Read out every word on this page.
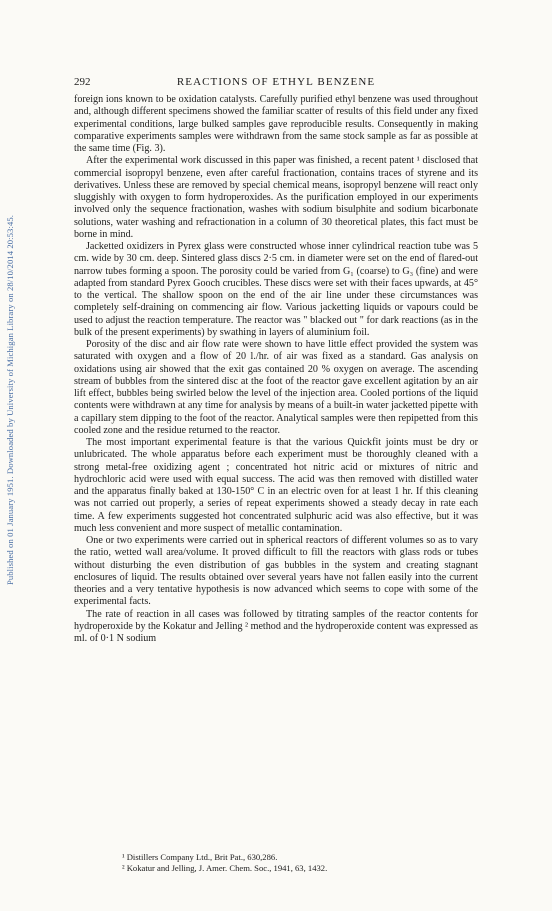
Published on 01 January 1951. Downloaded by University of Michigan Library on 28/10/2014 20:53:45.
292	REACTIONS OF ETHYL BENZENE

foreign ions known to be oxidation catalysts. Carefully purified ethyl benzene was used throughout and, although different specimens showed the familiar scatter of results of this field under any fixed experimental conditions, large bulked samples gave reproducible results. Consequently in making comparative experiments samples were withdrawn from the same stock sample as far as possible at the same time (Fig. 3).

After the experimental work discussed in this paper was finished, a recent patent ¹ disclosed that commercial isopropyl benzene, even after careful fractionation, contains traces of styrene and its derivatives. Unless these are removed by special chemical means, isopropyl benzene will react only sluggishly with oxygen to form hydroperoxides. As the purification employed in our experiments involved only the sequence fractionation, washes with sodium bisulphite and sodium bicarbonate solutions, water washing and refractionation in a column of 30 theoretical plates, this fact must be borne in mind.

Jacketted oxidizers in Pyrex glass were constructed whose inner cylindrical reaction tube was 5 cm. wide by 30 cm. deep. Sintered glass discs 2·5 cm. in diameter were set on the end of flared-out narrow tubes forming a spoon. The porosity could be varied from G₁ (coarse) to G₃ (fine) and were adapted from standard Pyrex Gooch crucibles. These discs were set with their faces upwards, at 45° to the vertical. The shallow spoon on the end of the air line under these circumstances was completely self-draining on commencing air flow. Various jacketting liquids or vapours could be used to adjust the reaction temperature. The reactor was " blacked out " for dark reactions (as in the bulk of the present experiments) by swathing in layers of aluminium foil.

Porosity of the disc and air flow rate were shown to have little effect provided the system was saturated with oxygen and a flow of 20 l./hr. of air was fixed as a standard. Gas analysis on oxidations using air showed that the exit gas contained 20 % oxygen on average. The ascending stream of bubbles from the sintered disc at the foot of the reactor gave excellent agitation by an air lift effect, bubbles being swirled below the level of the injection area. Cooled portions of the liquid contents were withdrawn at any time for analysis by means of a built-in water jacketted pipette with a capillary stem dipping to the foot of the reactor. Analytical samples were then repipetted from this cooled zone and the residue returned to the reactor.

The most important experimental feature is that the various Quickfit joints must be dry or unlubricated. The whole apparatus before each experiment must be thoroughly cleaned with a strong metal-free oxidizing agent ; concentrated hot nitric acid or mixtures of nitric and hydrochloric acid were used with equal success. The acid was then removed with distilled water and the apparatus finally baked at 130-150° C in an electric oven for at least 1 hr. If this cleaning was not carried out properly, a series of repeat experiments showed a steady decay in rate each time. A few experiments suggested hot concentrated sulphuric acid was also effective, but it was much less convenient and more suspect of metallic contamination.

One or two experiments were carried out in spherical reactors of different volumes so as to vary the ratio, wetted wall area/volume. It proved difficult to fill the reactors with glass rods or tubes without disturbing the even distribution of gas bubbles in the system and creating stagnant enclosures of liquid. The results obtained over several years have not fallen easily into the current theories and a very tentative hypothesis is now advanced which seems to cope with some of the experimental facts.

The rate of reaction in all cases was followed by titrating samples of the reactor contents for hydroperoxide by the Kokatur and Jelling ² method and the hydroperoxide content was expressed as ml. of 0·1 N sodium

¹ Distillers Company Ltd., Brit Pat., 630,286.
² Kokatur and Jelling, J. Amer. Chem. Soc., 1941, 63, 1432.
